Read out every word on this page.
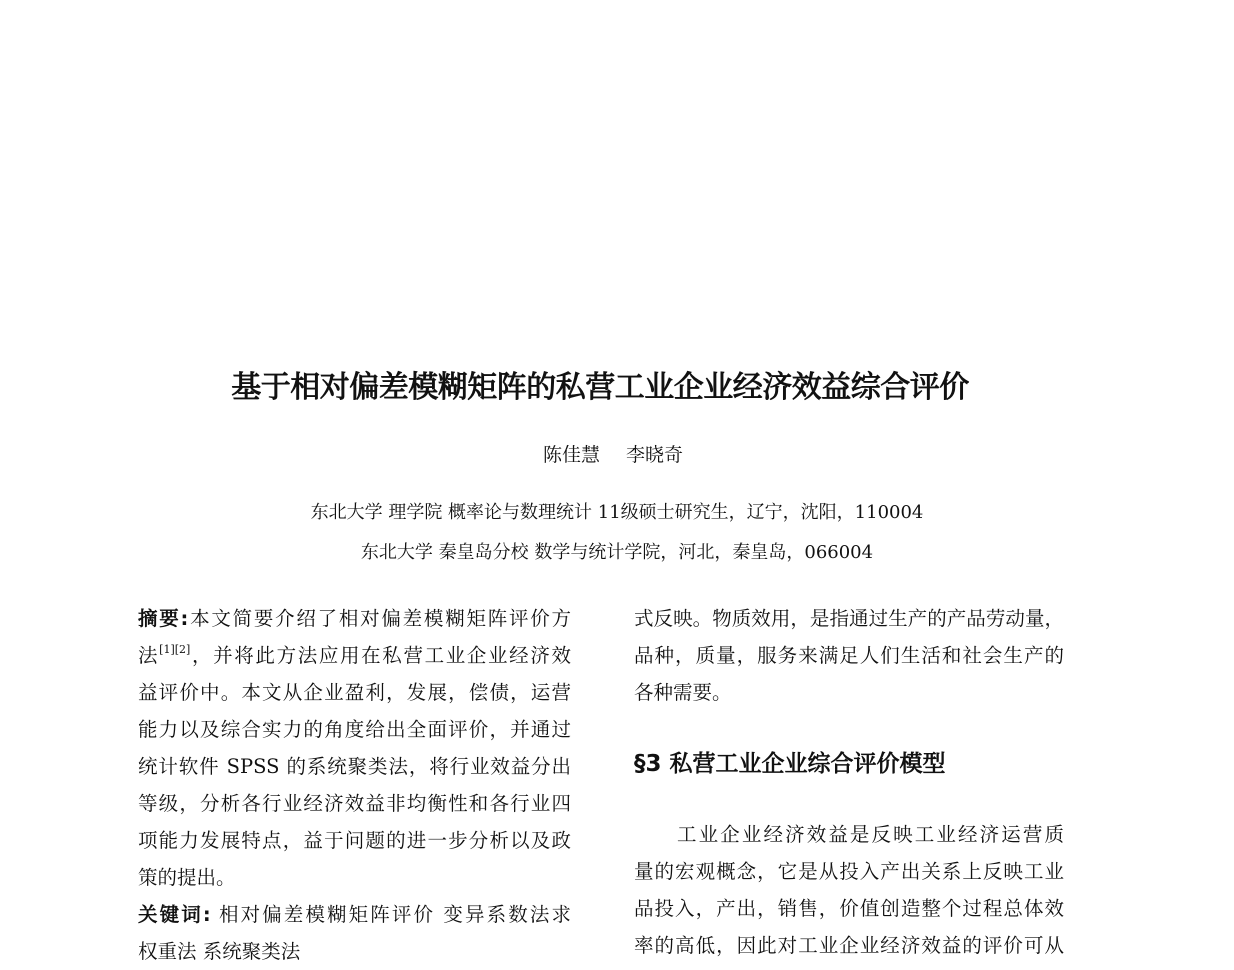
基于相对偏差模糊矩阵的私营工业企业经济效益综合评价
陈佳慧 李晓奇
东北大学 理学院 概率论与数理统计 11级硕士研究生，辽宁，沈阳，110004
东北大学 秦皇岛分校 数学与统计学院，河北，秦皇岛，066004
摘要:本文简要介绍了相对偏差模糊矩阵评价方
法[1][2]，并将此方法应用在私营工业企业经济效
益评价中。本文从企业盈利，发展，偿债，运营
能力以及综合实力的角度给出全面评价，并通过
统计软件 SPSS 的系统聚类法，将行业效益分出
等级，分析各行业经济效益非均衡性和各行业四
项能力发展特点，益于问题的进一步分析以及政
策的提出。
关键词: 相对偏差模糊矩阵评价 变异系数法求
权重法 系统聚类法
式反映。物质效用，是指通过生产的产品劳动量，
品种，质量，服务来满足人们生活和社会生产的
各种需要。
§3 私营工业企业综合评价模型
工业企业经济效益是反映工业经济运营质
量的宏观概念，它是从投入产出关系上反映工业
品投入，产出，销售，价值创造整个过程总体效
率的高低，因此对工业企业经济效益的评价可从
